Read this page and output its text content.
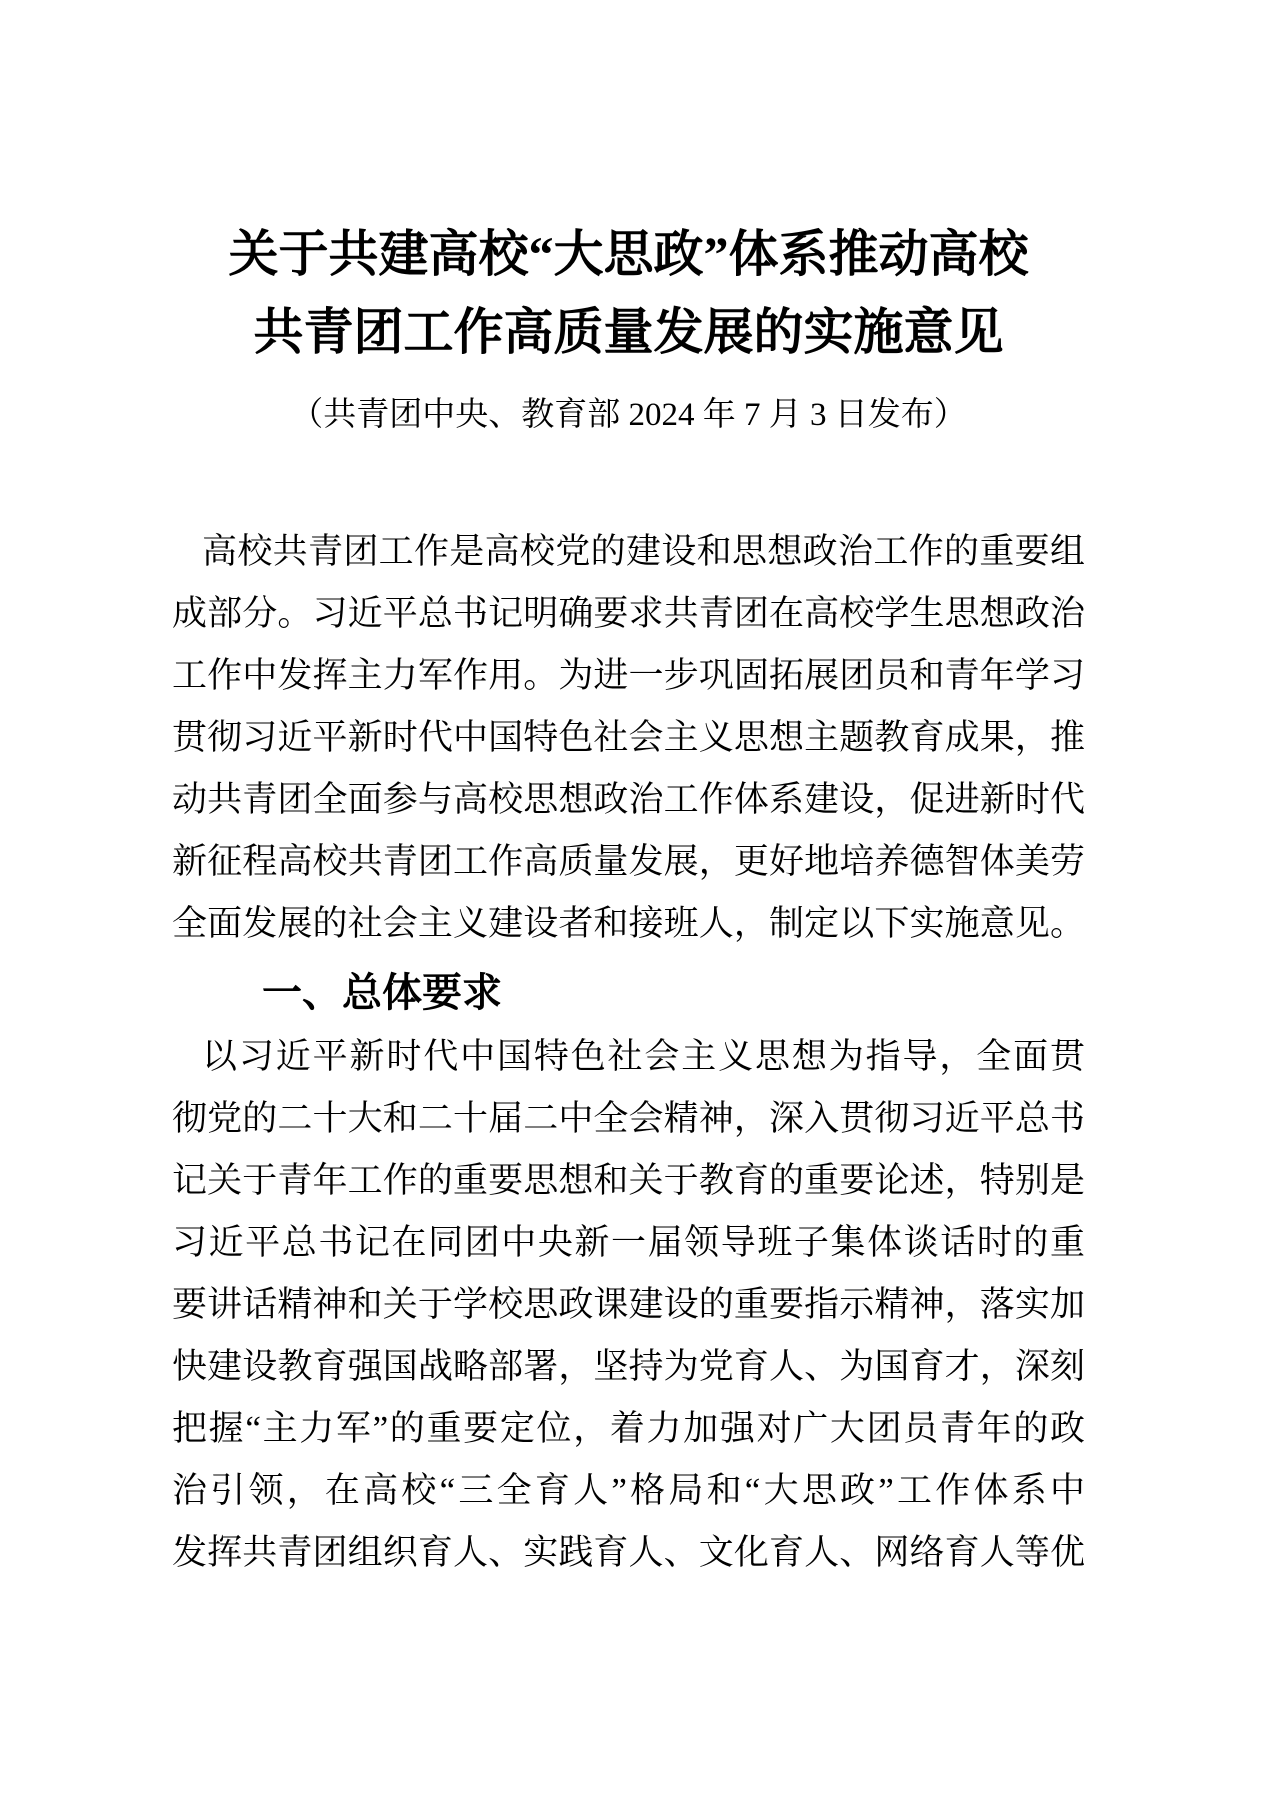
关于共建高校“大思政”体系推动高校
共青团工作高质量发展的实施意见
（共青团中央、教育部 2024 年 7 月 3 日发布）
高校共青团工作是高校党的建设和思想政治工作的重要组
成部分。习近平总书记明确要求共青团在高校学生思想政治
工作中发挥主力军作用。为进一步巩固拓展团员和青年学习
贯彻习近平新时代中国特色社会主义思想主题教育成果，推
动共青团全面参与高校思想政治工作体系建设，促进新时代
新征程高校共青团工作高质量发展，更好地培养德智体美劳
全面发展的社会主义建设者和接班人，制定以下实施意见。
一、总体要求
以习近平新时代中国特色社会主义思想为指导，全面贯
彻党的二十大和二十届二中全会精神，深入贯彻习近平总书
记关于青年工作的重要思想和关于教育的重要论述，特别是
习近平总书记在同团中央新一届领导班子集体谈话时的重
要讲话精神和关于学校思政课建设的重要指示精神，落实加
快建设教育强国战略部署，坚持为党育人、为国育才，深刻
把握“主力军”的重要定位，着力加强对广大团员青年的政
治引领，在高校“三全育人”格局和“大思政”工作体系中
发挥共青团组织育人、实践育人、文化育人、网络育人等优
